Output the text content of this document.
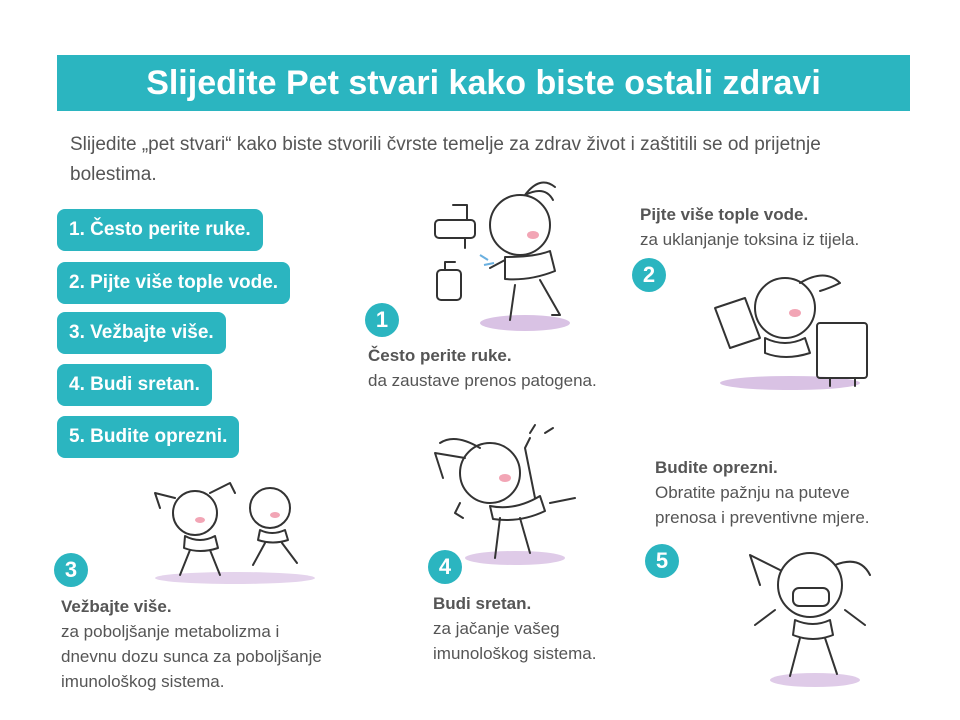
Slijedite Pet stvari kako biste ostali zdravi
Slijedite „pet stvari“ kako biste stvorili čvrste temelje za zdrav život i zaštitili se od prijetnje bolestima.
1. Često perite ruke.
2. Pijte više tople vode.
3. Vežbajte više.
4. Budi sretan.
5. Budite oprezni.
1
Često perite ruke.
da zaustave prenos patogena.
2
Pijte više tople vode.
za uklanjanje toksina iz tijela.
3
Vežbajte više.
za poboljšanje metabolizma i
dnevnu dozu sunca za poboljšanje
imunološkog sistema.
4
Budi sretan.
za jačanje vašeg
imunološkog sistema.
5
Budite oprezni.
Obratite pažnju na puteve
prenosa i preventivne mjere.
